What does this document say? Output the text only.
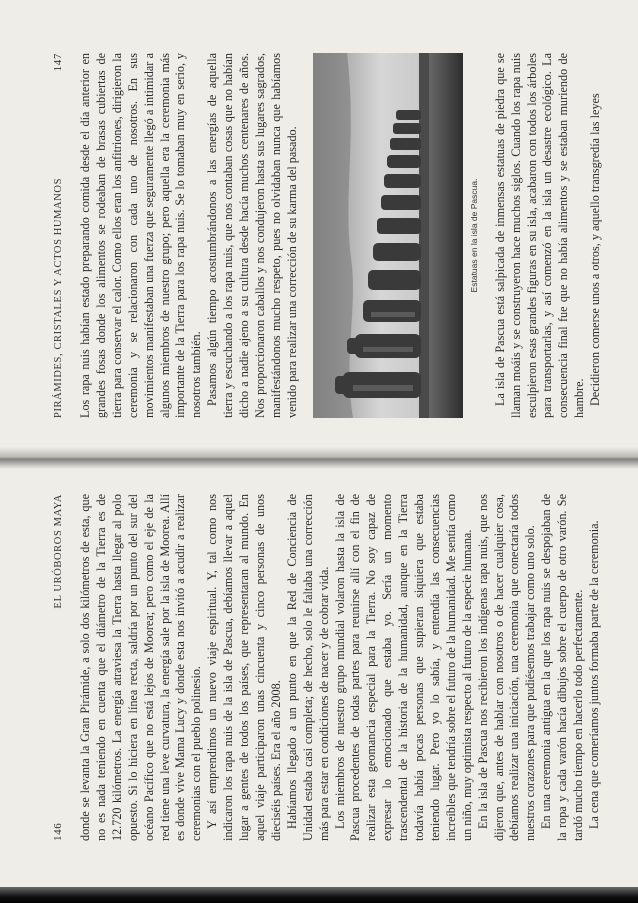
146
EL URÓBOROS MAYA donde se levanta la Gran Pirámide, a solo dos kilómetros de esta, que no es nada teniendo en cuenta que el diámetro de la Tierra es de 12.720 kilómetros. La energía atraviesa la Tierra hasta llegar al polo opuesto. Si lo hiciera en línea recta, saldría por un punto del sur del océano Pacífico que no está lejos de Moorea; pero como el eje de la red tiene una leve curvatura, la energía sale por la isla de Moorea. Allí es donde vive Mama Lucy y donde esta nos invitó a acudir a realizar ceremonias con el pueblo polinesio. Y así emprendimos un nuevo viaje espiritual. Y, tal como nos indicaron los rapa nuis de la isla de Pascua, debíamos llevar a aquel lugar a gentes de todos los países, que representaran al mundo. En aquel viaje participaron unas cincuenta y cinco personas de unos dieciséis países. Era el año 2008. Habíamos llegado a un punto en que la Red de Conciencia de Unidad estaba casi completa; de hecho, solo le faltaba una corrección más para estar en condiciones de nacer y de cobrar vida. Los miembros de nuestro grupo mundial volaron hasta la isla de Pascua procedentes de todas partes para reunirse allí con el fin de realizar esta geomancia especial para la Tierra. No soy capaz de expresar lo emocionado que estaba yo. Sería un momento trascendental de la historia de la humanidad, aunque en la Tierra todavía había pocas personas que supieran siquiera que estaba teniendo lugar. Pero yo lo sabía, y entendía las consecuencias increíbles que tendría sobre el futuro de la humanidad. Me sentía como un niño, muy optimista respecto al futuro de la especie humana. En la isla de Pascua nos recibieron los indígenas rapa nuis, que nos dijeron que, antes de hablar con nosotros o de hacer cualquier cosa, debíamos realizar una iniciación, una ceremonia que conectaría todos nuestros corazones para que pudiésemos trabajar como uno solo. En una ceremonia antigua en la que los rapa nuis se despojaban de la ropa y cada varón hacía dibujos sobre el cuerpo de otro varón. Se tardó mucho tiempo en hacerlo todo perfectamente. La cena que comeríamos juntos formaba parte de la ceremonia.

PIRÁMIDES, CRISTALES Y ACTOS HUMANOS
147 Los rapa nuis habían estado preparando comida desde el día anterior en grandes fosas donde los alimentos se rodeaban de brasas cubiertas de tierra para conservar el calor. Como ellos eran los anfitriones, dirigieron la ceremonia y se relacionaron con cada uno de nosotros. En sus movimientos manifestaban una fuerza que seguramente llegó a intimidar a algunos miembros de nuestro grupo; pero aquella era la ceremonia más importante de la Tierra para los rapa nuis. Se lo tomaban muy en serio, y nosotros también. Pasamos algún tiempo acostumbrándonos a las energías de aquella tierra y escuchando a los rapa nuis, que nos contaban cosas que no habían dicho a nadie ajeno a su cultura desde hacía muchos centenares de años. Nos proporcionaron caballos y nos condujeron hasta sus lugares sagrados, manifestándonos mucho respeto, pues no olvidaban nunca que habíamos venido para realizar una corrección de su karma del pasado.	Estatuas en la isla de Pascua. La isla de Pascua está salpicada de inmensas estatuas de piedra que se llaman moáis y se construyeron hace muchos siglos. Cuando los rapa nuis esculpieron esas grandes figuras en su isla, acabaron con todos los árboles para transportarlas, y así comenzó en la isla un desastre ecológico. La consecuencia final fue que no había alimentos y se estaban muriendo de hambre. Decidieron comerse unos a otros, y aquello transgredía las leyes
